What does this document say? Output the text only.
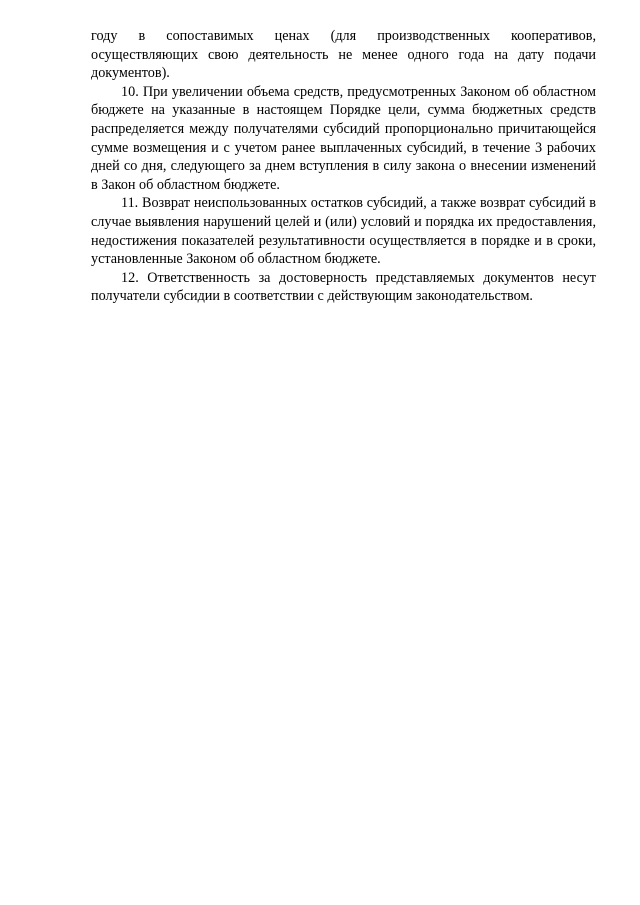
году в сопоставимых ценах (для производственных кооперативов, осуществляющих свою деятельность не менее одного года на дату подачи документов).

10. При увеличении объема средств, предусмотренных Законом об областном бюджете на указанные в настоящем Порядке цели, сумма бюджетных средств распределяется между получателями субсидий пропорционально причитающейся сумме возмещения и с учетом ранее выплаченных субсидий, в течение 3 рабочих дней со дня, следующего за днем вступления в силу закона о внесении изменений в Закон об областном бюджете.

11. Возврат неиспользованных остатков субсидий, а также возврат субсидий в случае выявления нарушений целей и (или) условий и порядка их предоставления, недостижения показателей результативности осуществляется в порядке и в сроки, установленные Законом об областном бюджете.

12. Ответственность за достоверность представляемых документов несут получатели субсидии в соответствии с действующим законодательством.
